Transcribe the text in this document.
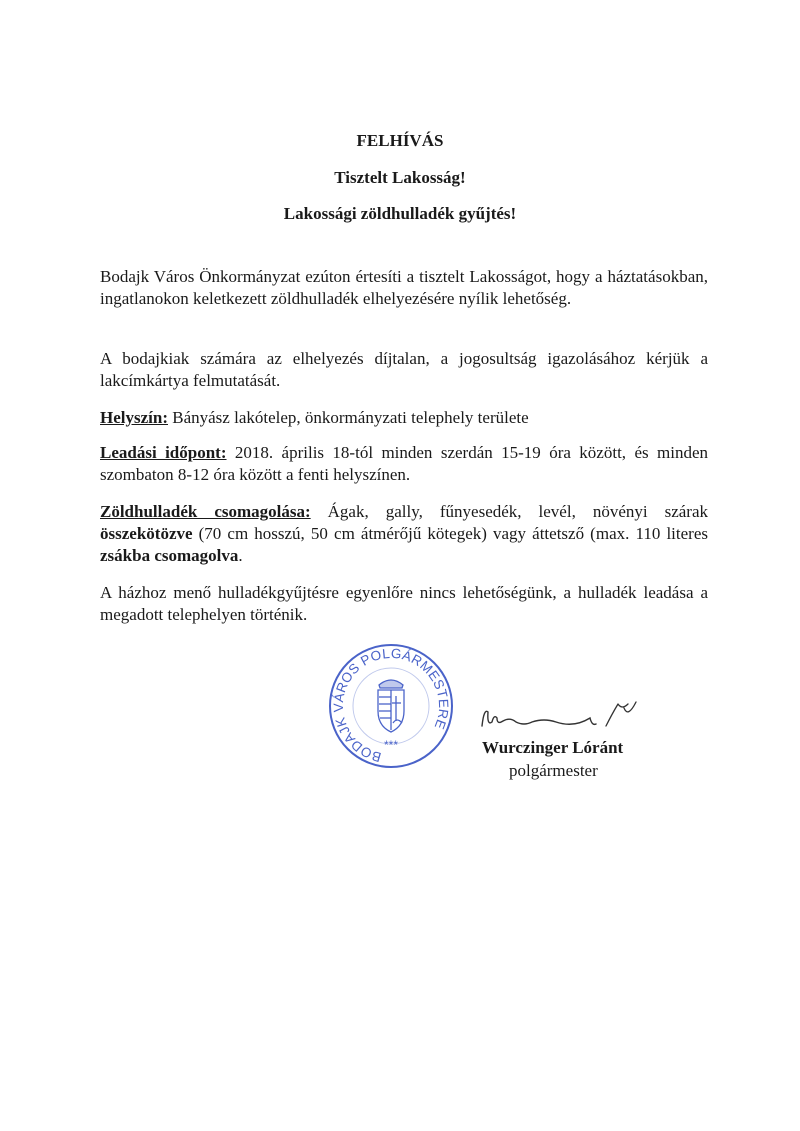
FELHÍVÁS
Tisztelt Lakosság!
Lakossági zöldhulladék gyűjtés!

Bodajk Város Önkormányzat ezúton értesíti a tisztelt Lakosságot, hogy a háztatásokban, ingatlanokon keletkezett zöldhulladék elhelyezésére nyílik lehetőség.

A bodajkiak számára az elhelyezés díjtalan, a jogosultság igazolásához kérjük a lakcímkártya felmutatását.

Helyszín: Bányász lakótelep, önkormányzati telephely területe

Leadási időpont: 2018. április 18-tól minden szerdán 15-19 óra között, és minden szombaton 8-12 óra között a fenti helyszínen.

Zöldhulladék csomagolása: Ágak, gally, fűnyesedék, levél, növényi szárak összekötözve (70 cm hosszú, 50 cm átmérőjű kötegek) vagy áttetsző (max. 110 literes zsákba csomagolva.

A házhoz menő hulladékgyűjtésre egyenlőre nincs lehetőségünk, a hulladék leadása a megadott telephelyen történik.

BODAJK VÁROS POLGÁRMESTERE
***	Wurczinger Lóránt
polgármester
